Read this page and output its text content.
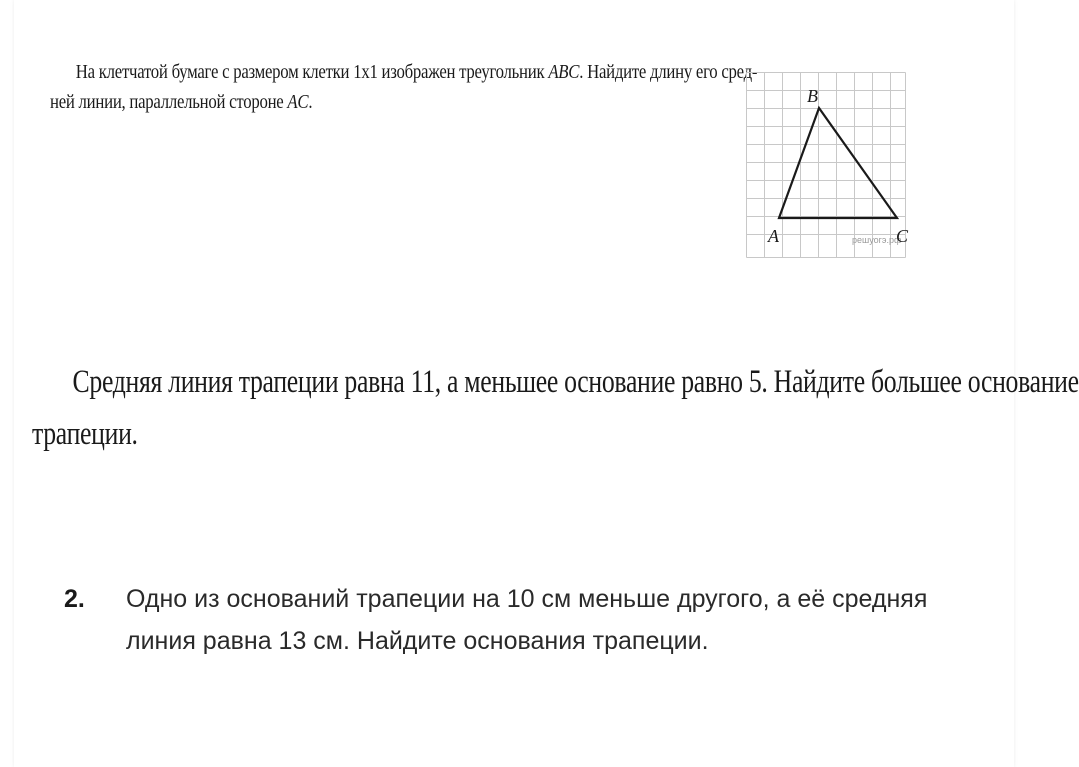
На клетчатой бумаге с размером клетки 1х1 изображен треугольник ABC. Найдите длину его сред-
ней линии, параллельной стороне AC.
A
B
решуогэ.рф
C
Средняя линия трапеции равна 11, а меньшее основание равно 5. Найдите большее основание
трапеции.
2. Одно из оснований трапеции на 10 см меньше другого, а её средняя
линия равна 13 см. Найдите основания трапеции.
